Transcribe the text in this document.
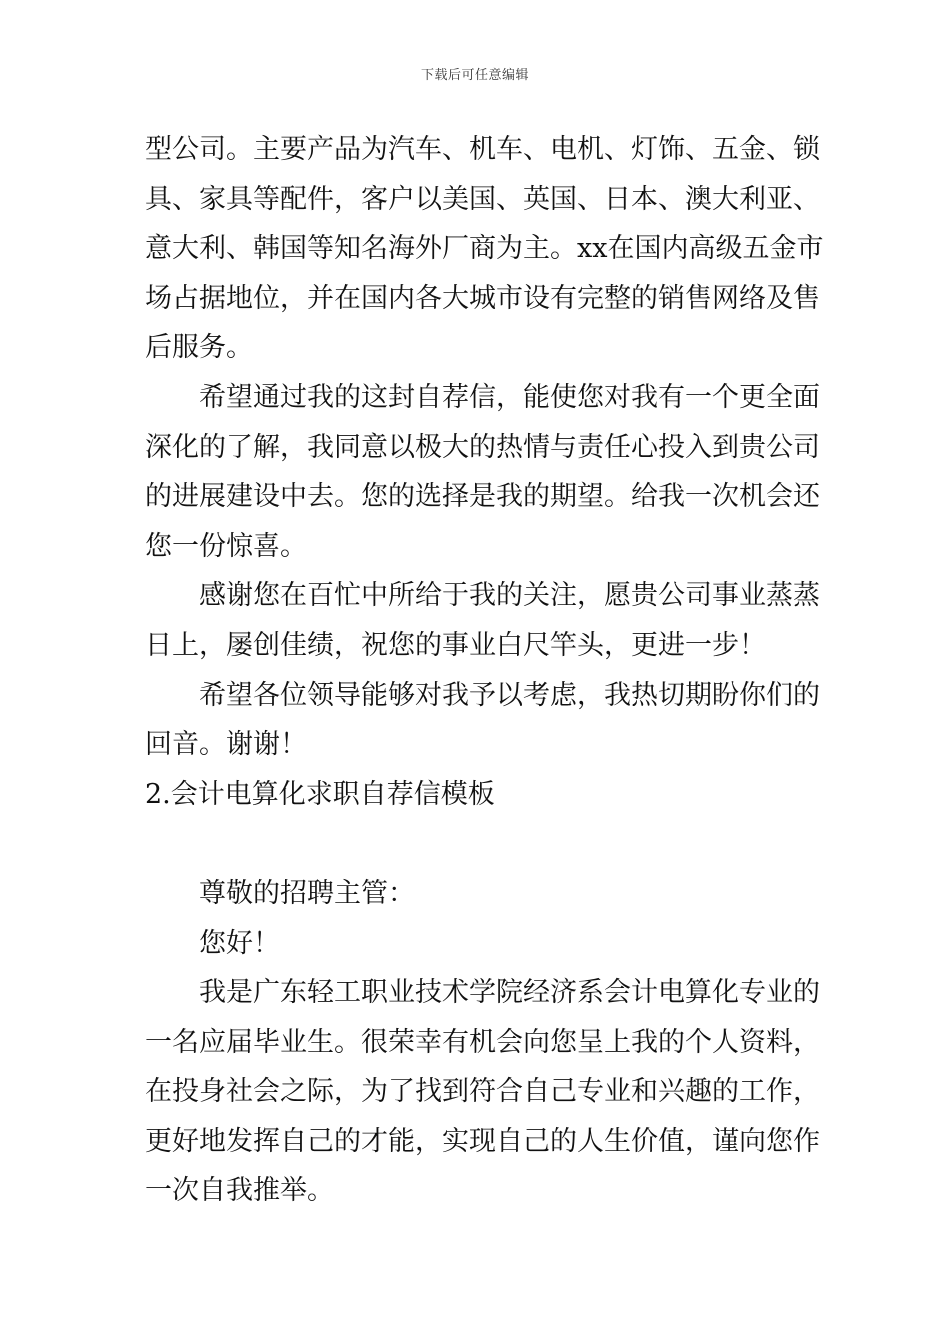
下载后可任意编辑
型公司。主要产品为汽车、机车、电机、灯饰、五金、锁
具、家具等配件，客户以美国、英国、日本、澳大利亚、
意大利、韩国等知名海外厂商为主。xx在国内高级五金市
场占据地位，并在国内各大城市设有完整的销售网络及售
后服务。
希望通过我的这封自荐信，能使您对我有一个更全面
深化的了解，我同意以极大的热情与责任心投入到贵公司
的进展建设中去。您的选择是我的期望。给我一次机会还
您一份惊喜。
感谢您在百忙中所给于我的关注，愿贵公司事业蒸蒸
日上，屡创佳绩，祝您的事业白尺竿头，更进一步！
希望各位领导能够对我予以考虑，我热切期盼你们的
回音。谢谢！
2.会计电算化求职自荐信模板
尊敬的招聘主管：
您好！
我是广东轻工职业技术学院经济系会计电算化专业的
一名应届毕业生。很荣幸有机会向您呈上我的个人资料，
在投身社会之际，为了找到符合自己专业和兴趣的工作，
更好地发挥自己的才能，实现自己的人生价值，谨向您作
一次自我推举。
